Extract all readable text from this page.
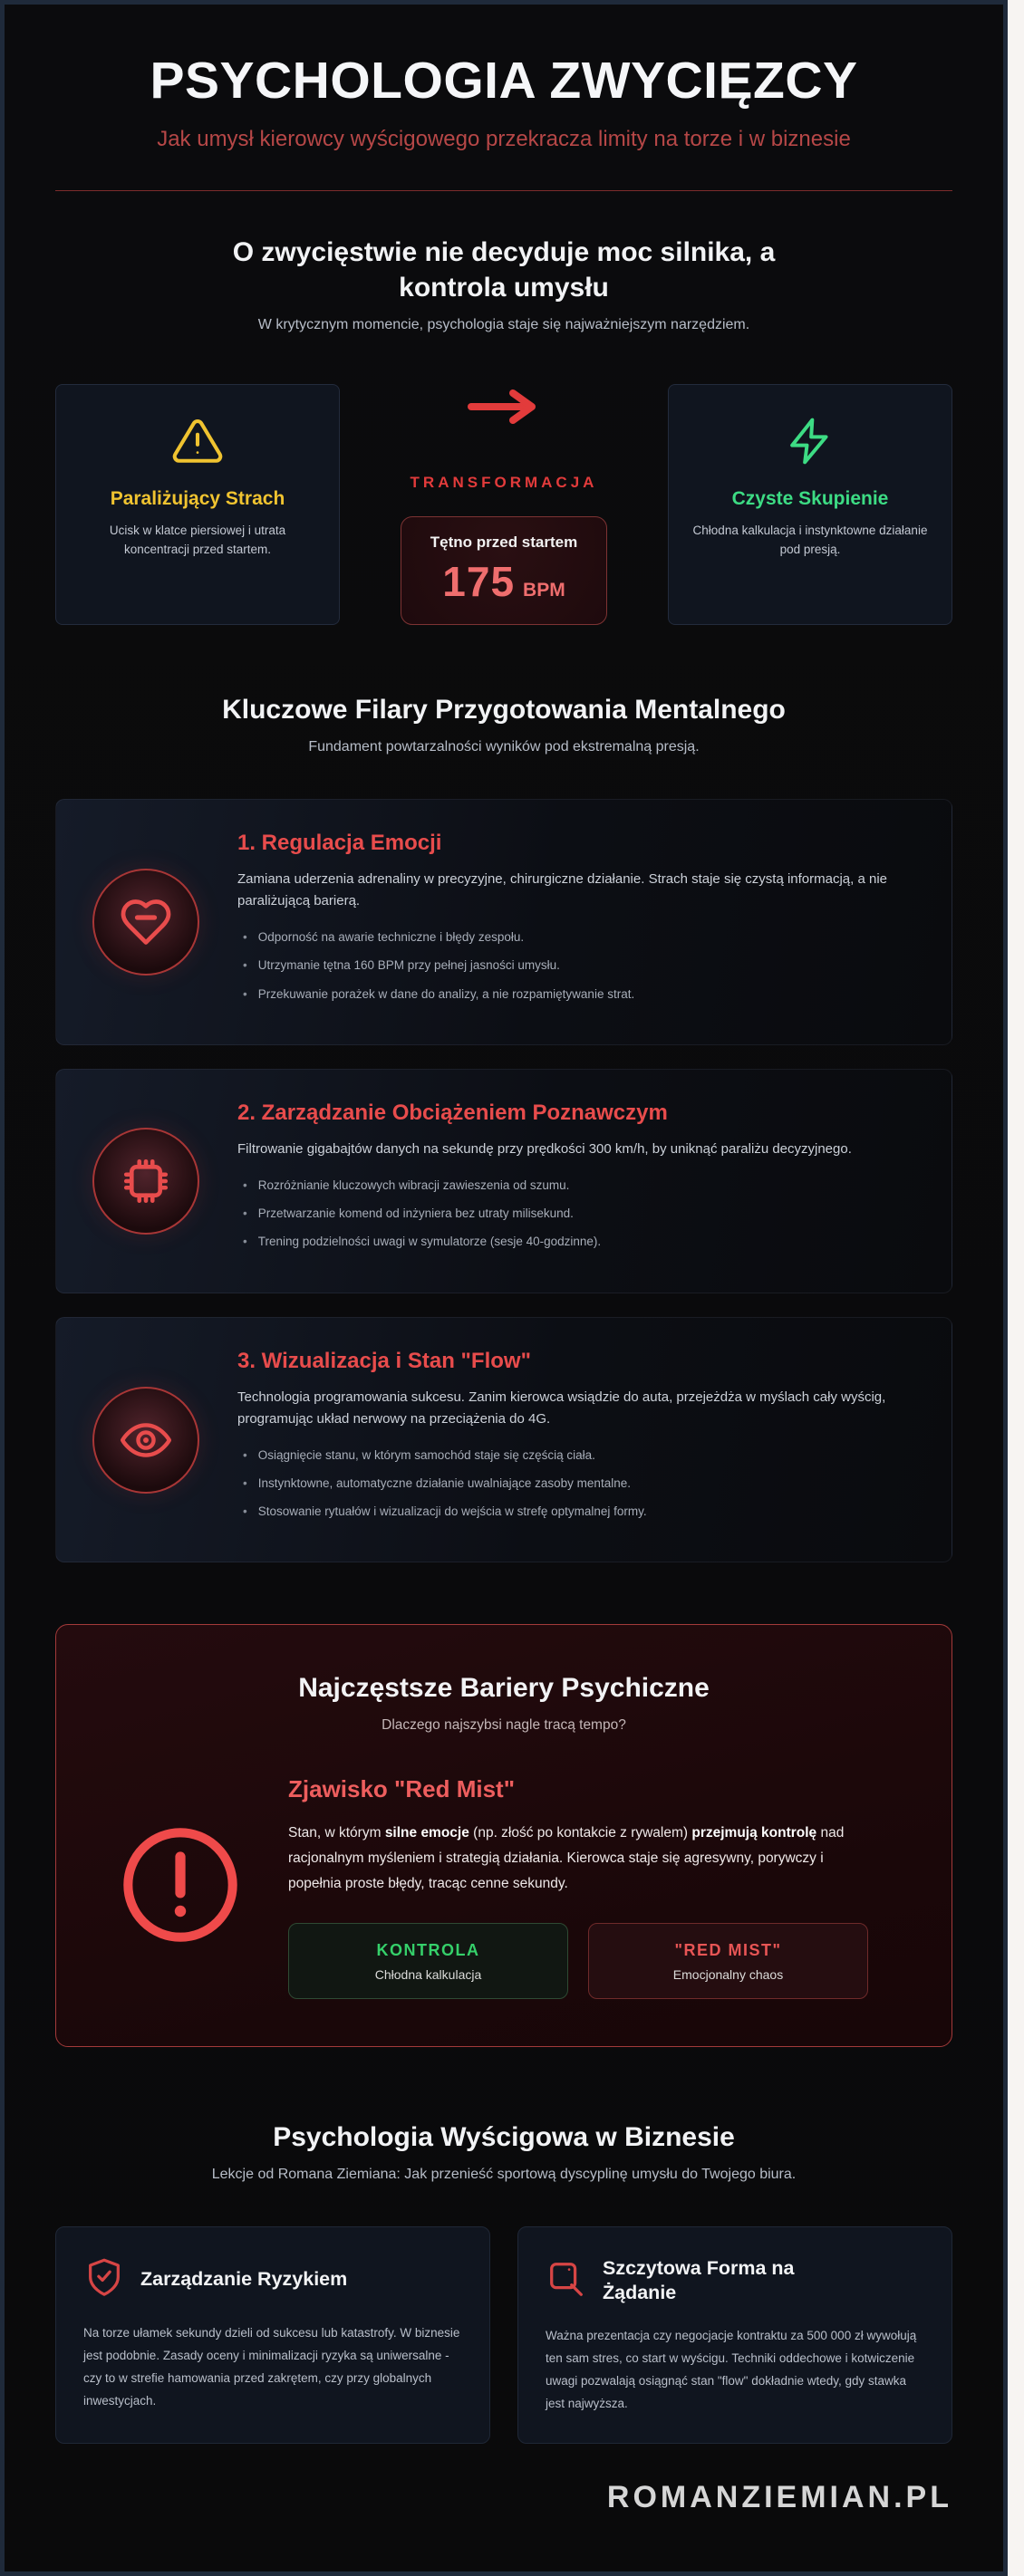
PSYCHOLOGIA ZWYCIĘZCY
Jak umysł kierowcy wyścigowego przekracza limity na torze i w biznesie
O zwycięstwie nie decyduje moc silnika, a kontrola umysłu
W krytycznym momencie, psychologia staje się najważniejszym narzędziem.
Paraliżujący Strach
Ucisk w klatce piersiowej i utrata koncentracji przed startem.
TRANSFORMACJA
Tętno przed startem
175 BPM
Czyste Skupienie
Chłodna kalkulacja i instynktowne działanie pod presją.
Kluczowe Filary Przygotowania Mentalnego
Fundament powtarzalności wyników pod ekstremalną presją.
1. Regulacja Emocji
Zamiana uderzenia adrenaliny w precyzyjne, chirurgiczne działanie. Strach staje się czystą informacją, a nie paraliżującą barierą.
• Odporność na awarie techniczne i błędy zespołu.
• Utrzymanie tętna 160 BPM przy pełnej jasności umysłu.
• Przekuwanie porażek w dane do analizy, a nie rozpamiętywanie strat.
2. Zarządzanie Obciążeniem Poznawczym
Filtrowanie gigabajtów danych na sekundę przy prędkości 300 km/h, by uniknąć paraliżu decyzyjnego.
• Rozróżnianie kluczowych wibracji zawieszenia od szumu.
• Przetwarzanie komend od inżyniera bez utraty milisekund.
• Trening podzielności uwagi w symulatorze (sesje 40-godzinne).
3. Wizualizacja i Stan "Flow"
Technologia programowania sukcesu. Zanim kierowca wsiądzie do auta, przejeżdża w myślach cały wyścig, programując układ nerwowy na przeciążenia do 4G.
• Osiągnięcie stanu, w którym samochód staje się częścią ciała.
• Instynktowne, automatyczne działanie uwalniające zasoby mentalne.
• Stosowanie rytuałów i wizualizacji do wejścia w strefę optymalnej formy.
Najczęstsze Bariery Psychiczne
Dlaczego najszybsi nagle tracą tempo?
Zjawisko "Red Mist"
Stan, w którym silne emocje (np. złość po kontakcie z rywalem) przejmują kontrolę nad racjonalnym myśleniem i strategią działania. Kierowca staje się agresywny, porywczy i popełnia proste błędy, tracąc cenne sekundy.
KONTROLA
Chłodna kalkulacja
"RED MIST"
Emocjonalny chaos
Psychologia Wyścigowa w Biznesie
Lekcje od Romana Ziemiana: Jak przenieść sportową dyscyplinę umysłu do Twojego biura.
Zarządzanie Ryzykiem
Na torze ułamek sekundy dzieli od sukcesu lub katastrofy. W biznesie jest podobnie. Zasady oceny i minimalizacji ryzyka są uniwersalne - czy to w strefie hamowania przed zakrętem, czy przy globalnych inwestycjach.
Szczytowa Forma na Żądanie
Ważna prezentacja czy negocjacje kontraktu za 500 000 zł wywołują ten sam stres, co start w wyścigu. Techniki oddechowe i kotwiczenie uwagi pozwalają osiągnąć stan "flow" dokładnie wtedy, gdy stawka jest najwyższa.
ROMANZIEMIAN.PL
